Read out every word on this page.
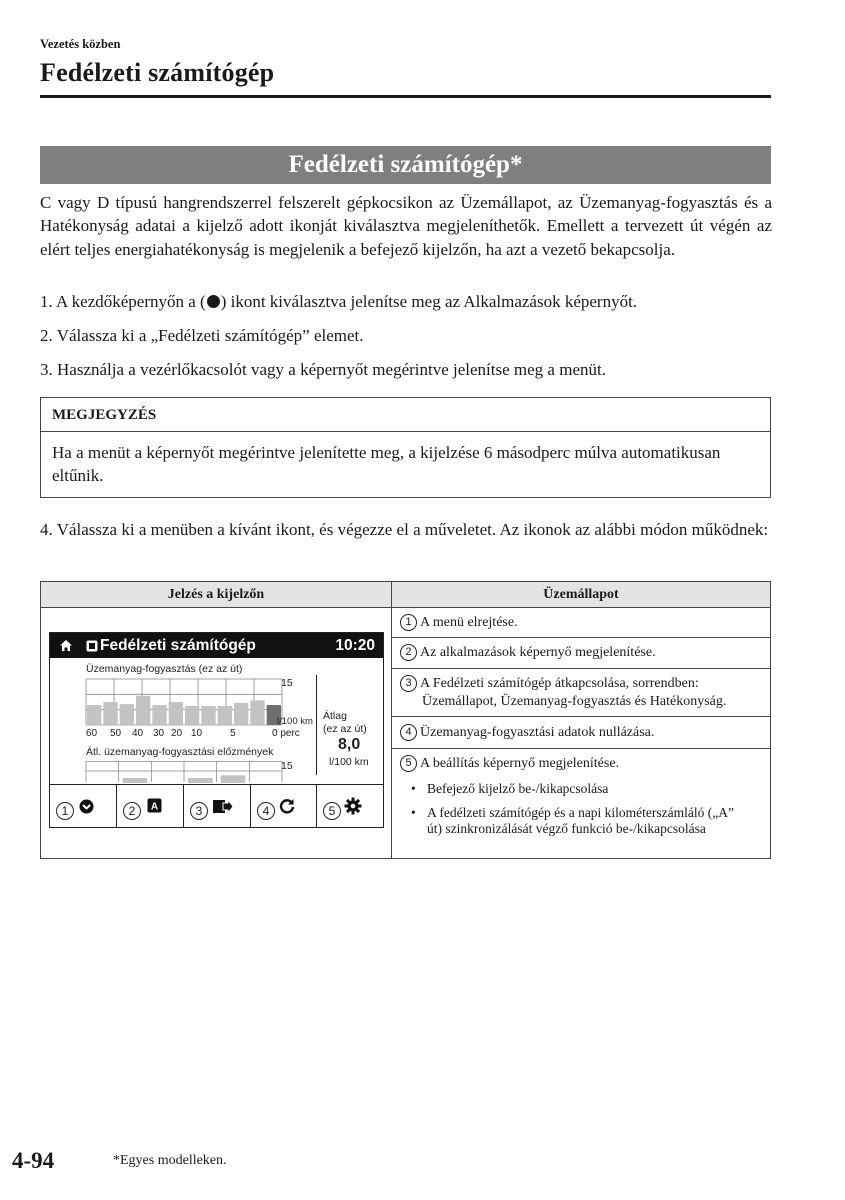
Vezetés közben
Fedélzeti számítógép
Fedélzeti számítógép*
C vagy D típusú hangrendszerrel felszerelt gépkocsikon az Üzemállapot, az Üzemanyag-fogyasztás és a Hatékonyság adatai a kijelző adott ikonját kiválasztva megjeleníthetők. Emellett a tervezett út végén az elért teljes energiahatékonyság is megjelenik a befejező kijelzőn, ha azt a vezető bekapcsolja.
1. A kezdőképernyőn a ( ) ikont kiválasztva jelenítse meg az Alkalmazások képernyőt.
2. Válassza ki a „Fedélzeti számítógép” elemet.
3. Használja a vezérlőkacsolót vagy a képernyőt megérintve jelenítse meg a menüt.
MEGJEGYZÉS
Ha a menüt a képernyőt megérintve jelenítette meg, a kijelzése 6 másodperc múlva automatikusan eltűnik.
4. Válassza ki a menüben a kívánt ikont, és végezze el a műveletet. Az ikonok az alábbi módon működnek:
Jelzés a kijelzőn	Üzemállapot
Fedélzeti számítógép	10:20
Üzemanyag-fogyasztás (ez az út)
15
l/100 km
60 50 40 30 20 10	5	0 perc
Átlag
(ez az út)
8,0
l/100 km
Átl. üzemanyag-fogyasztási előzmények
15
1	2	A	3	4	5
1 A menü elrejtése.
2 Az alkalmazások képernyő megjelenítése.
3 A Fedélzeti számítógép átkapcsolása, sorrendben:
Üzemállapot, Üzemanyag-fogyasztás és Hatékonyság.
4 Üzemanyag-fogyasztási adatok nullázása.
5 A beállítás képernyő megjelenítése.
• Befejező kijelző be-/kikapcsolása
• A fedélzeti számítógép és a napi kilométerszámláló („A” út) szinkronizálását végző funkció be-/kikapcsolása
4-94	*Egyes modelleken.
